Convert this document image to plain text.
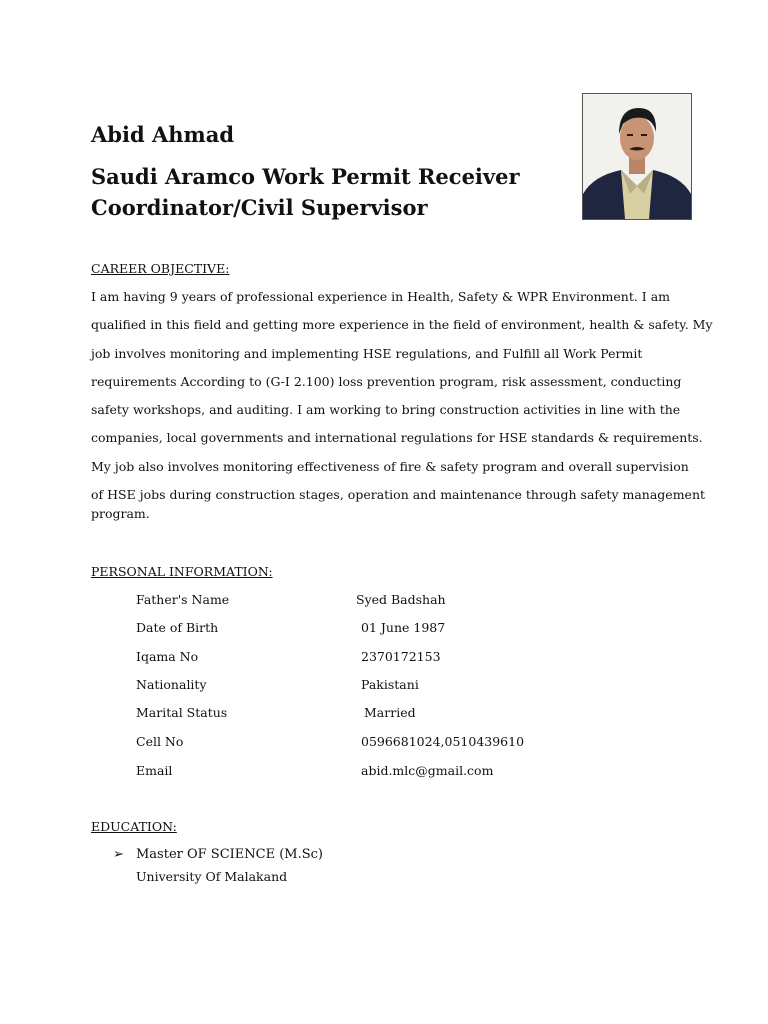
Abid Ahmad
Saudi Aramco Work Permit Receiver
Coordinator/Civil Supervisor

CAREER OBJECTIVE:

I am having 9 years of professional experience in Health, Safety & WPR Environment. I am
qualified in this field and getting more experience in the field of environment, health & safety. My
job involves monitoring and implementing HSE regulations, and Fulfill all Work Permit
requirements According to (G-I 2.100) loss prevention program, risk assessment, conducting
safety workshops, and auditing. I am working to bring construction activities in line with the
companies, local governments and international regulations for HSE standards & requirements.
My job also involves monitoring effectiveness of fire & safety program and overall supervision
of HSE jobs during construction stages, operation and maintenance through safety management
program.

PERSONAL INFORMATION:

Father's Name	Syed Badshah
Date of Birth	01 June 1987
Iqama No	2370172153
Nationality	Pakistani
Marital Status	Married
Cell No	0596681024,0510439610
Email	abid.mlc@gmail.com

EDUCATION:

➢ Master OF SCIENCE (M.Sc)
University Of Malakand
